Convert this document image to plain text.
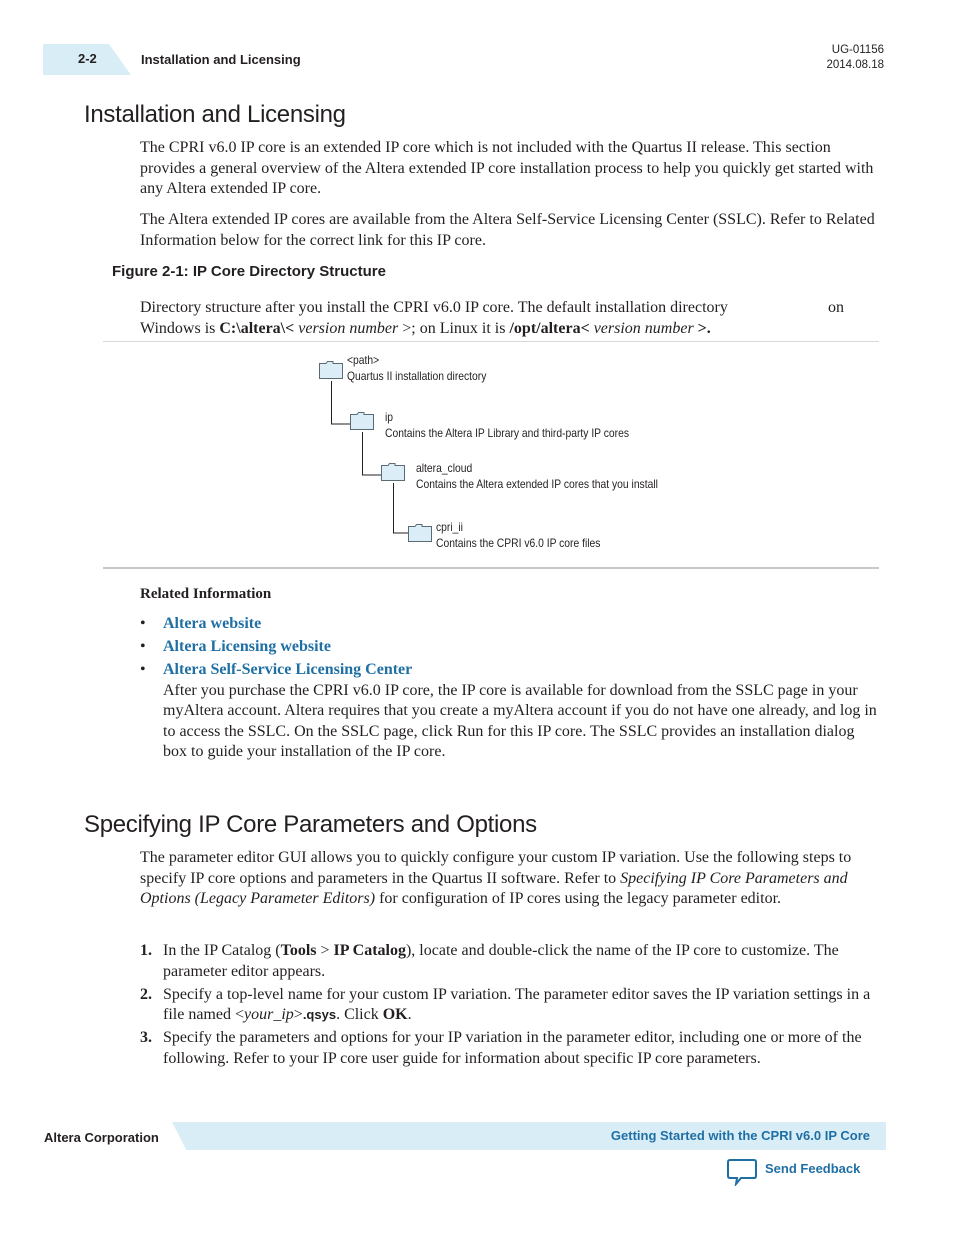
2-2	Installation and Licensing
UG-01156
2014.08.18
Installation and Licensing

The CPRI v6.0 IP core is an extended IP core which is not included with the Quartus II release. This section provides a general overview of the Altera extended IP core installation process to help you quickly get started with any Altera extended IP core.

The Altera extended IP cores are available from the Altera Self-Service Licensing Center (SSLC). Refer to Related Information below for the correct link for this IP core.

Figure 2-1: IP Core Directory Structure

Directory structure after you install the CPRI v6.0 IP core. The default installation directory	on

Windows is C:\altera\< version number >; on Linux it is /opt/altera< version number >.

<path>
Quartus II installation directory
ip
Contains the Altera IP Library and third-party IP cores
altera_cloud
Contains the Altera extended IP cores that you install
cpri_ii
Contains the CPRI v6.0 IP core files
Related Information
• Altera website
• Altera Licensing website
• Altera Self-Service Licensing Center
After you purchase the CPRI v6.0 IP core, the IP core is available for download from the SSLC page in your myAltera account. Altera requires that you create a myAltera account if you do not have one already, and log in to access the SSLC. On the SSLC page, click Run for this IP core. The SSLC provides an installation dialog box to guide your installation of the IP core.
Specifying IP Core Parameters and Options

The parameter editor GUI allows you to quickly configure your custom IP variation. Use the following steps to specify IP core options and parameters in the Quartus II software. Refer to Specifying IP Core Parameters and Options (Legacy Parameter Editors) for configuration of IP cores using the legacy parameter editor.

1. In the IP Catalog (Tools > IP Catalog), locate and double-click the name of the IP core to customize. The parameter editor appears.
2. Specify a top-level name for your custom IP variation. The parameter editor saves the IP variation settings in a file named <your_ip>.qsys. Click OK.
3. Specify the parameters and options for your IP variation in the parameter editor, including one or more of the following. Refer to your IP core user guide for information about specific IP core parameters.
Altera Corporation	Getting Started with the CPRI v6.0 IP Core
Send Feedback
